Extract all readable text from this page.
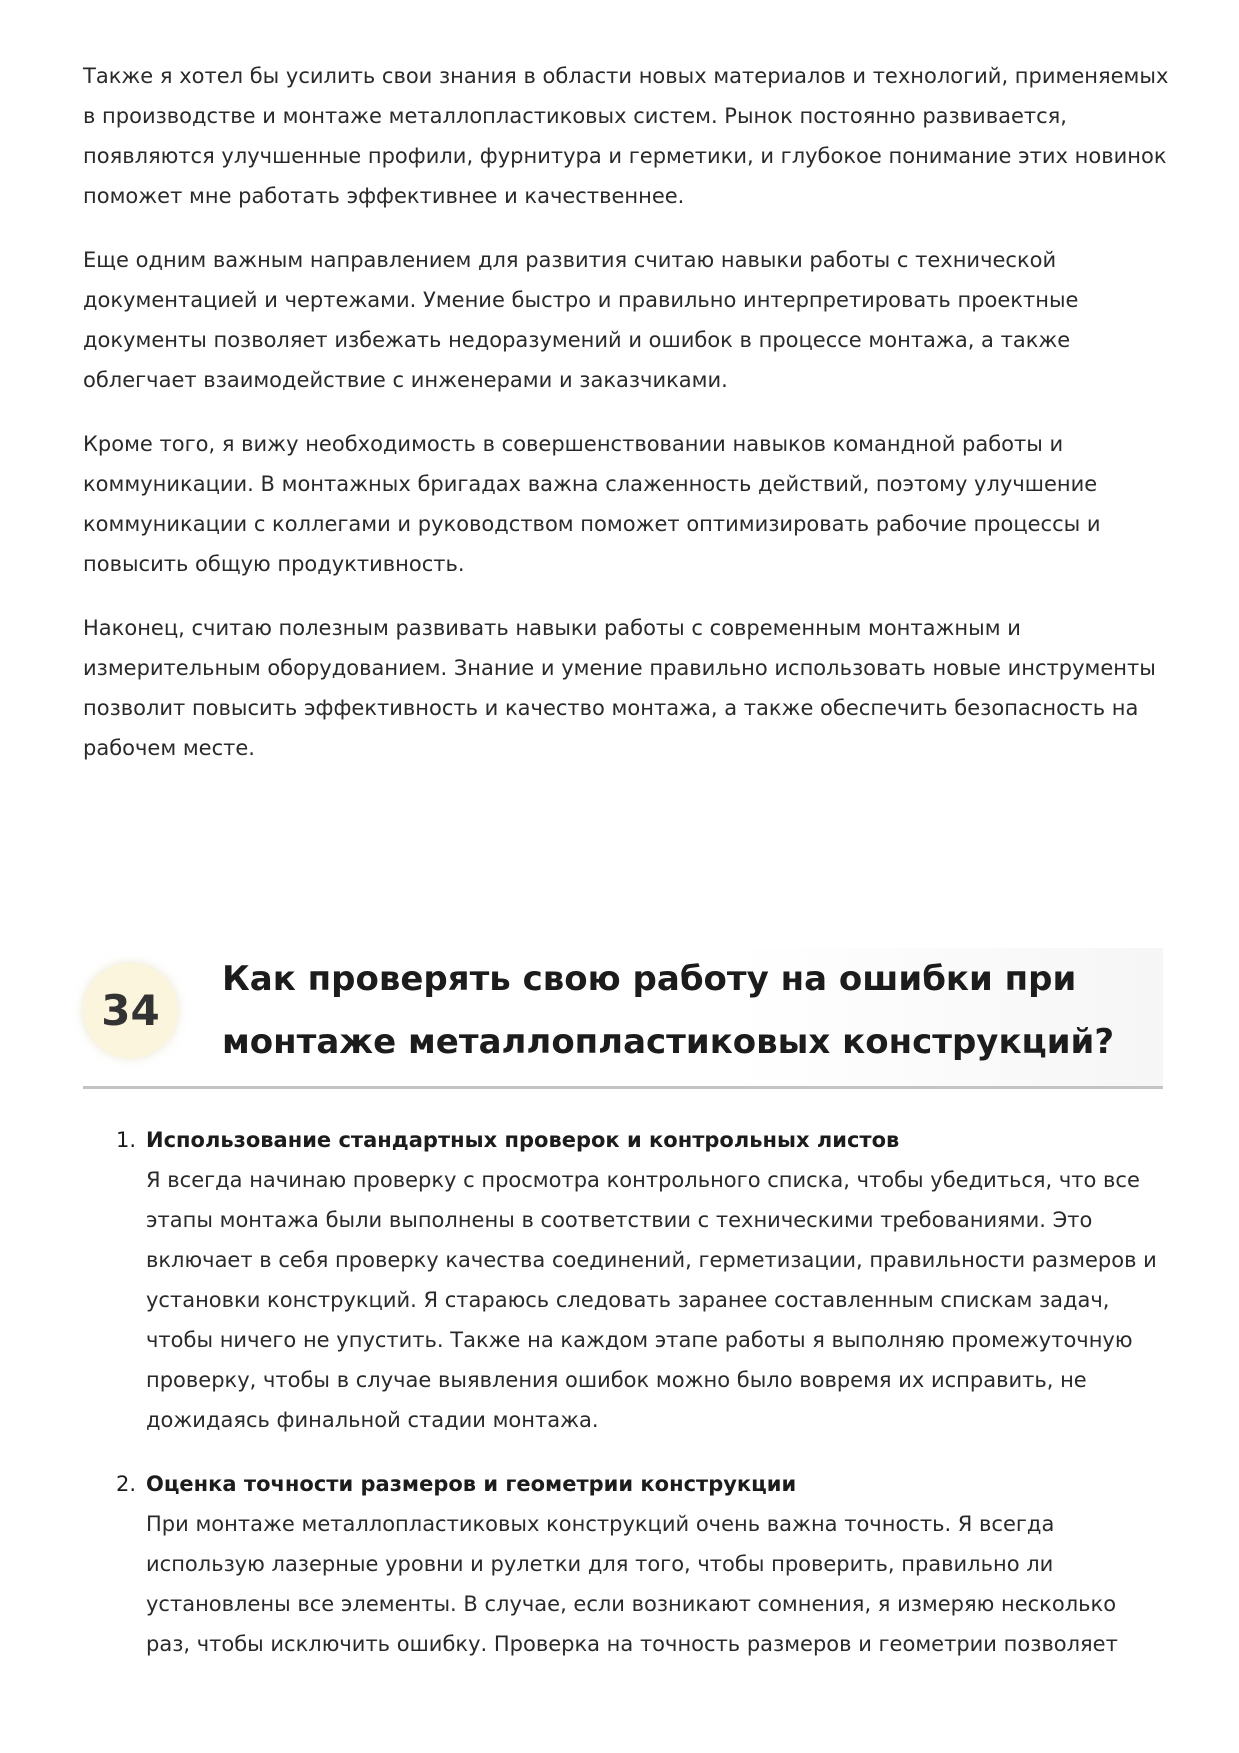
Также я хотел бы усилить свои знания в области новых материалов и технологий, применяемых в производстве и монтаже металлопластиковых систем. Рынок постоянно развивается, появляются улучшенные профили, фурнитура и герметики, и глубокое понимание этих новинок поможет мне работать эффективнее и качественнее.

Еще одним важным направлением для развития считаю навыки работы с технической документацией и чертежами. Умение быстро и правильно интерпретировать проектные документы позволяет избежать недоразумений и ошибок в процессе монтажа, а также облегчает взаимодействие с инженерами и заказчиками.

Кроме того, я вижу необходимость в совершенствовании навыков командной работы и коммуникации. В монтажных бригадах важна слаженность действий, поэтому улучшение коммуникации с коллегами и руководством поможет оптимизировать рабочие процессы и повысить общую продуктивность.

Наконец, считаю полезным развивать навыки работы с современным монтажным и измерительным оборудованием. Знание и умение правильно использовать новые инструменты позволит повысить эффективность и качество монтажа, а также обеспечить безопасность на рабочем месте.

34
Как проверять свою работу на ошибки при монтаже металлопластиковых конструкций?
1. Использование стандартных проверок и контрольных листов

Я всегда начинаю проверку с просмотра контрольного списка, чтобы убедиться, что все этапы монтажа были выполнены в соответствии с техническими требованиями. Это включает в себя проверку качества соединений, герметизации, правильности размеров и установки конструкций. Я стараюсь следовать заранее составленным спискам задач, чтобы ничего не упустить. Также на каждом этапе работы я выполняю промежуточную проверку, чтобы в случае выявления ошибок можно было вовремя их исправить, не дожидаясь финальной стадии монтажа.

2. Оценка точности размеров и геометрии конструкции

При монтаже металлопластиковых конструкций очень важна точность. Я всегда использую лазерные уровни и рулетки для того, чтобы проверить, правильно ли установлены все элементы. В случае, если возникают сомнения, я измеряю несколько раз, чтобы исключить ошибку. Проверка на точность размеров и геометрии позволяет
